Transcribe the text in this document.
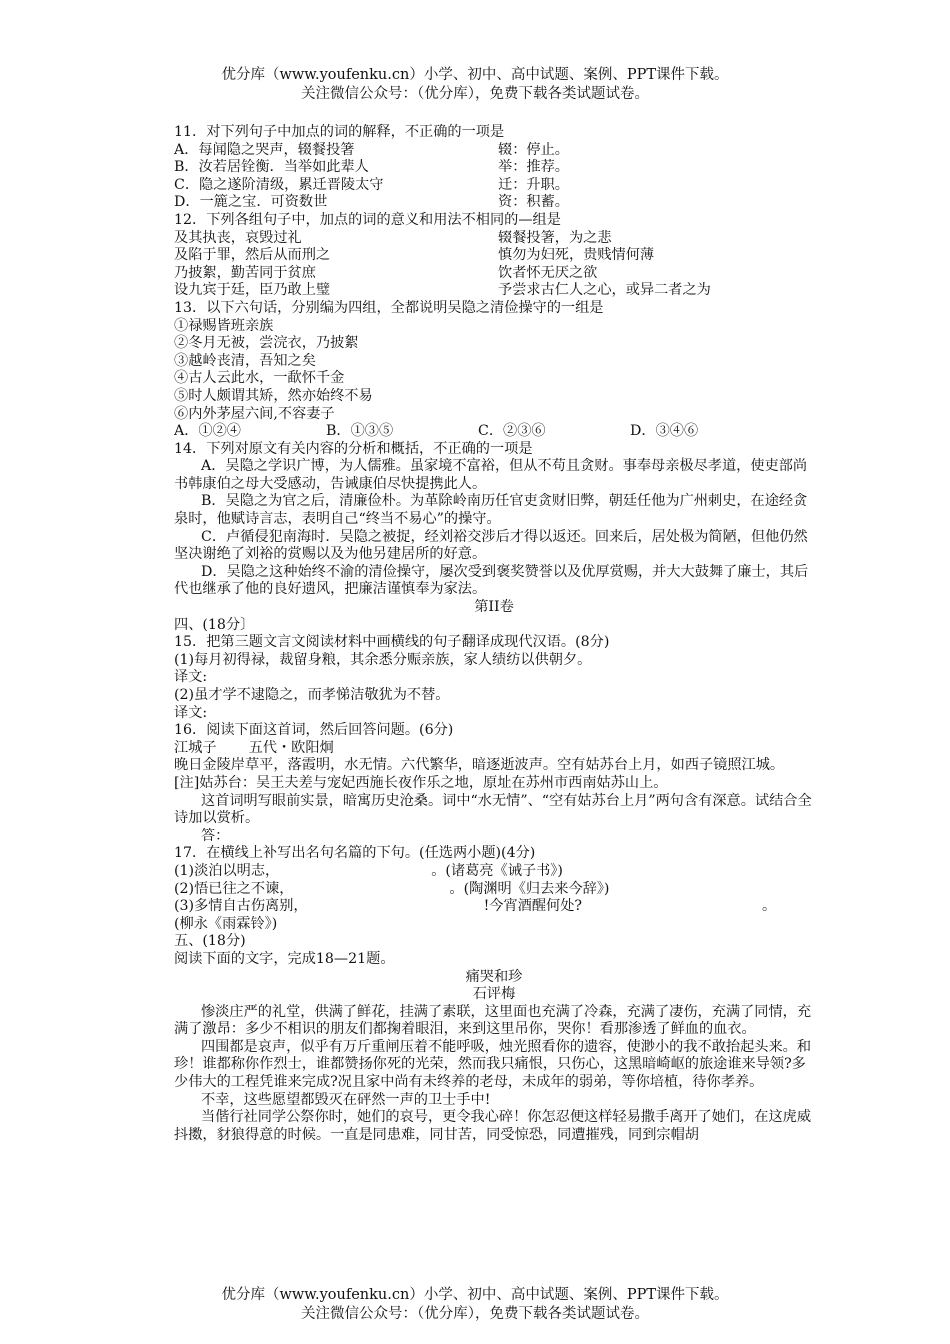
优分库（www.youfenku.cn）小学、初中、高中试题、案例、PPT课件下载。
关注微信公众号：（优分库），免费下载各类试题试卷。
11．对下列句子中加点的词的解释，不正确的一项是
A．每闻隐之哭声，辍餐投箸	辍：停止。
B．汝若居铨衡．当举如此辈人	举：推荐。
C．隐之遂阶清级，累迁晋陵太守	迁：升职。
D．一簏之宝．可资数世	资：积蓄。
12．下列各组句子中，加点的词的意义和用法不相同的—组是
及其执丧，哀毁过礼	辍餐投箸，为之悲
及陷于罪，然后从而刑之	慎勿为妇死，贵贱情何薄
乃披絮，勤苦同于贫庶	饮者怀无厌之欲
设九宾于廷，臣乃敢上璧	予尝求古仁人之心，或异二者之为
13．以下六句话，分别编为四组，全都说明吴隐之清俭操守的一组是
①禄赐皆班亲族
②冬月无被，尝浣衣，乃披絮
③越岭丧清，吾知之矣
④古人云此水，一歃怀千金
⑤时人颇谓其矫，然亦始终不易
⑥内外茅屋六间,不容妻子
A．①②④	B．①③⑤	C．②③⑥	D．③④⑥
14．下列对原文有关内容的分析和概括，不正确的一项是
A．吴隐之学识广博，为人儒雅。虽家境不富裕，但从不苟且贪财。事奉母亲极尽孝道，使吏部尚书韩康伯之母大受感动，告诫康伯尽快提携此人。
B．吴隐之为官之后，清廉俭朴。为革除岭南历任官吏贪财旧弊，朝廷任他为广州刺史，在途经贪泉时，他赋诗言志，表明自己“终当不易心”的操守。
C．卢循侵犯南海时．吴隐之被捉，经刘裕交涉后才得以返还。回来后，居处极为简陋，但他仍然坚决谢绝了刘裕的赏赐以及为他另建居所的好意。
D．吴隐之这种始终不渝的清俭操守，屡次受到褒奖赞誉以及优厚赏赐，并大大鼓舞了廉士，其后代也继承了他的良好遗风，把廉洁谨慎奉为家法。
第II卷
四、(18分〕
15．把第三题文言文阅读材料中画横线的句子翻译成现代汉语。(8分)
(1)每月初得禄，裁留身粮，其余悉分赈亲族，家人绩纺以供朝夕。
译文:
(2)虽才学不逮隐之，而孝悌洁敬犹为不替。
译文:
16．阅读下面这首词，然后回答问题。(6分)
江城子 五代・欧阳炯
晚日金陵岸草平，落霞明，水无情。六代繁华，暗逐逝波声。空有姑苏台上月，如西子镜照江城。
[注]姑苏台：吴王夫差与宠妃西施长夜作乐之地，原址在苏州市西南姑苏山上。
这首词明写眼前实景，暗寓历史沧桑。词中“水无情”、“空有姑苏台上月”两句含有深意。试结合全诗加以赏析。
答：
17．在横线上补写出名句名篇的下句。(任选两小题)(4分)
(1)淡泊以明志，	。(诸葛亮《诫子书》)
(2)悟已往之不谏，	。(陶渊明《归去来今辞》)
(3)多情自古伤离别，	!今宵酒醒何处?	。
(柳永《雨霖铃》)
五、(18分)
阅读下面的文字，完成18—21题。
痛哭和珍
石评梅
惨淡庄严的礼堂，供满了鲜花，挂满了素联，这里面也充满了冷森，充满了凄伤，充满了同情，充满了激昂：多少不相识的朋友们都掬着眼泪，来到这里吊你，哭你！看那渗透了鲜血的血衣。
四围都是哀声，似乎有万斤重闸压着不能呼吸，烛光照看你的遗容，使渺小的我不敢抬起头来。和珍！谁都称你作烈士，谁都赞扬你死的光荣，然而我只痛恨，只伤心，这黑暗崎岖的旅途谁来导领?多少伟大的工程凭谁来完成?况且家中尚有未终养的老母，未成年的弱弟，等你培植，待你孝养。
不幸，这些愿望都毁灭在砰然一声的卫士手中!
当偕行社同学公祭你时，她们的哀号，更令我心碎！你怎忍便这样轻易撒手离开了她们，在这虎威抖擞，豺狼得意的时候。一直是同患难，同甘苦，同受惊恐，同遭摧残，同到宗帽胡
优分库（www.youfenku.cn）小学、初中、高中试题、案例、PPT课件下载。
关注微信公众号：（优分库），免费下载各类试题试卷。
